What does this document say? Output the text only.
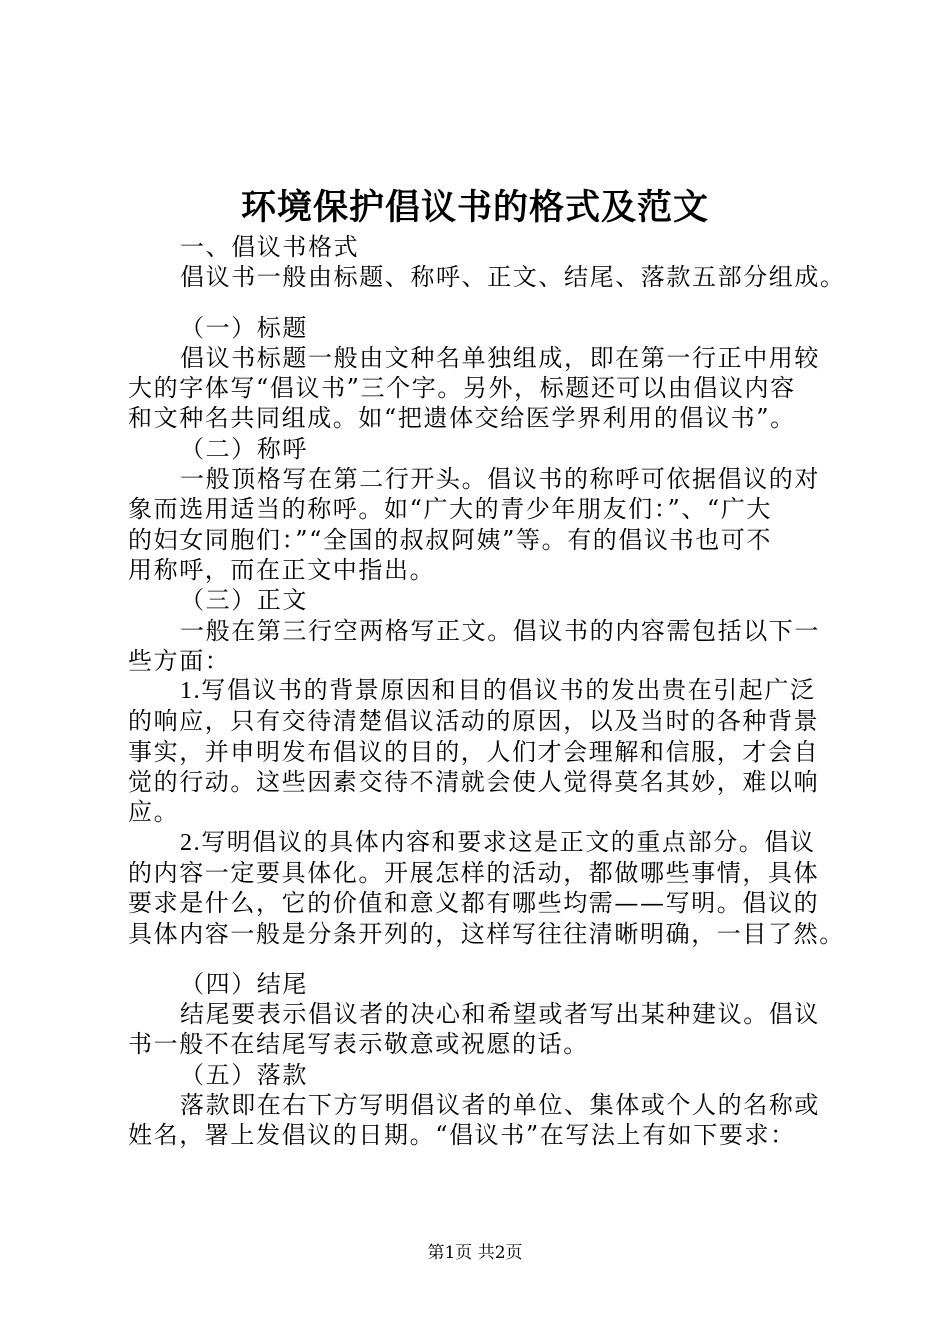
环境保护倡议书的格式及范文
一、倡议书格式
倡议书一般由标题、称呼、正文、结尾、落款五部分组成。
（一）标题
倡议书标题一般由文种名单独组成，即在第一行正中用较
大的字体写“倡议书”三个字。另外，标题还可以由倡议内容
和文种名共同组成。如“把遗体交给医学界利用的倡议书”。
（二）称呼
一般顶格写在第二行开头。倡议书的称呼可依据倡议的对
象而选用适当的称呼。如“广大的青少年朋友们：”、“广大
的妇女同胞们：”“全国的叔叔阿姨”等。有的倡议书也可不
用称呼，而在正文中指出。
（三）正文
一般在第三行空两格写正文。倡议书的内容需包括以下一
些方面：
1.写倡议书的背景原因和目的倡议书的发出贵在引起广泛
的响应，只有交待清楚倡议活动的原因，以及当时的各种背景
事实，并申明发布倡议的目的，人们才会理解和信服，才会自
觉的行动。这些因素交待不清就会使人觉得莫名其妙，难以响
应。
2.写明倡议的具体内容和要求这是正文的重点部分。倡议
的内容一定要具体化。开展怎样的活动，都做哪些事情，具体
要求是什么，它的价值和意义都有哪些均需——写明。倡议的
具体内容一般是分条开列的，这样写往往清晰明确，一目了然。
（四）结尾
结尾要表示倡议者的决心和希望或者写出某种建议。倡议
书一般不在结尾写表示敬意或祝愿的话。
（五）落款
落款即在右下方写明倡议者的单位、集体或个人的名称或
姓名，署上发倡议的日期。“倡议书”在写法上有如下要求：
第1页 共2页
